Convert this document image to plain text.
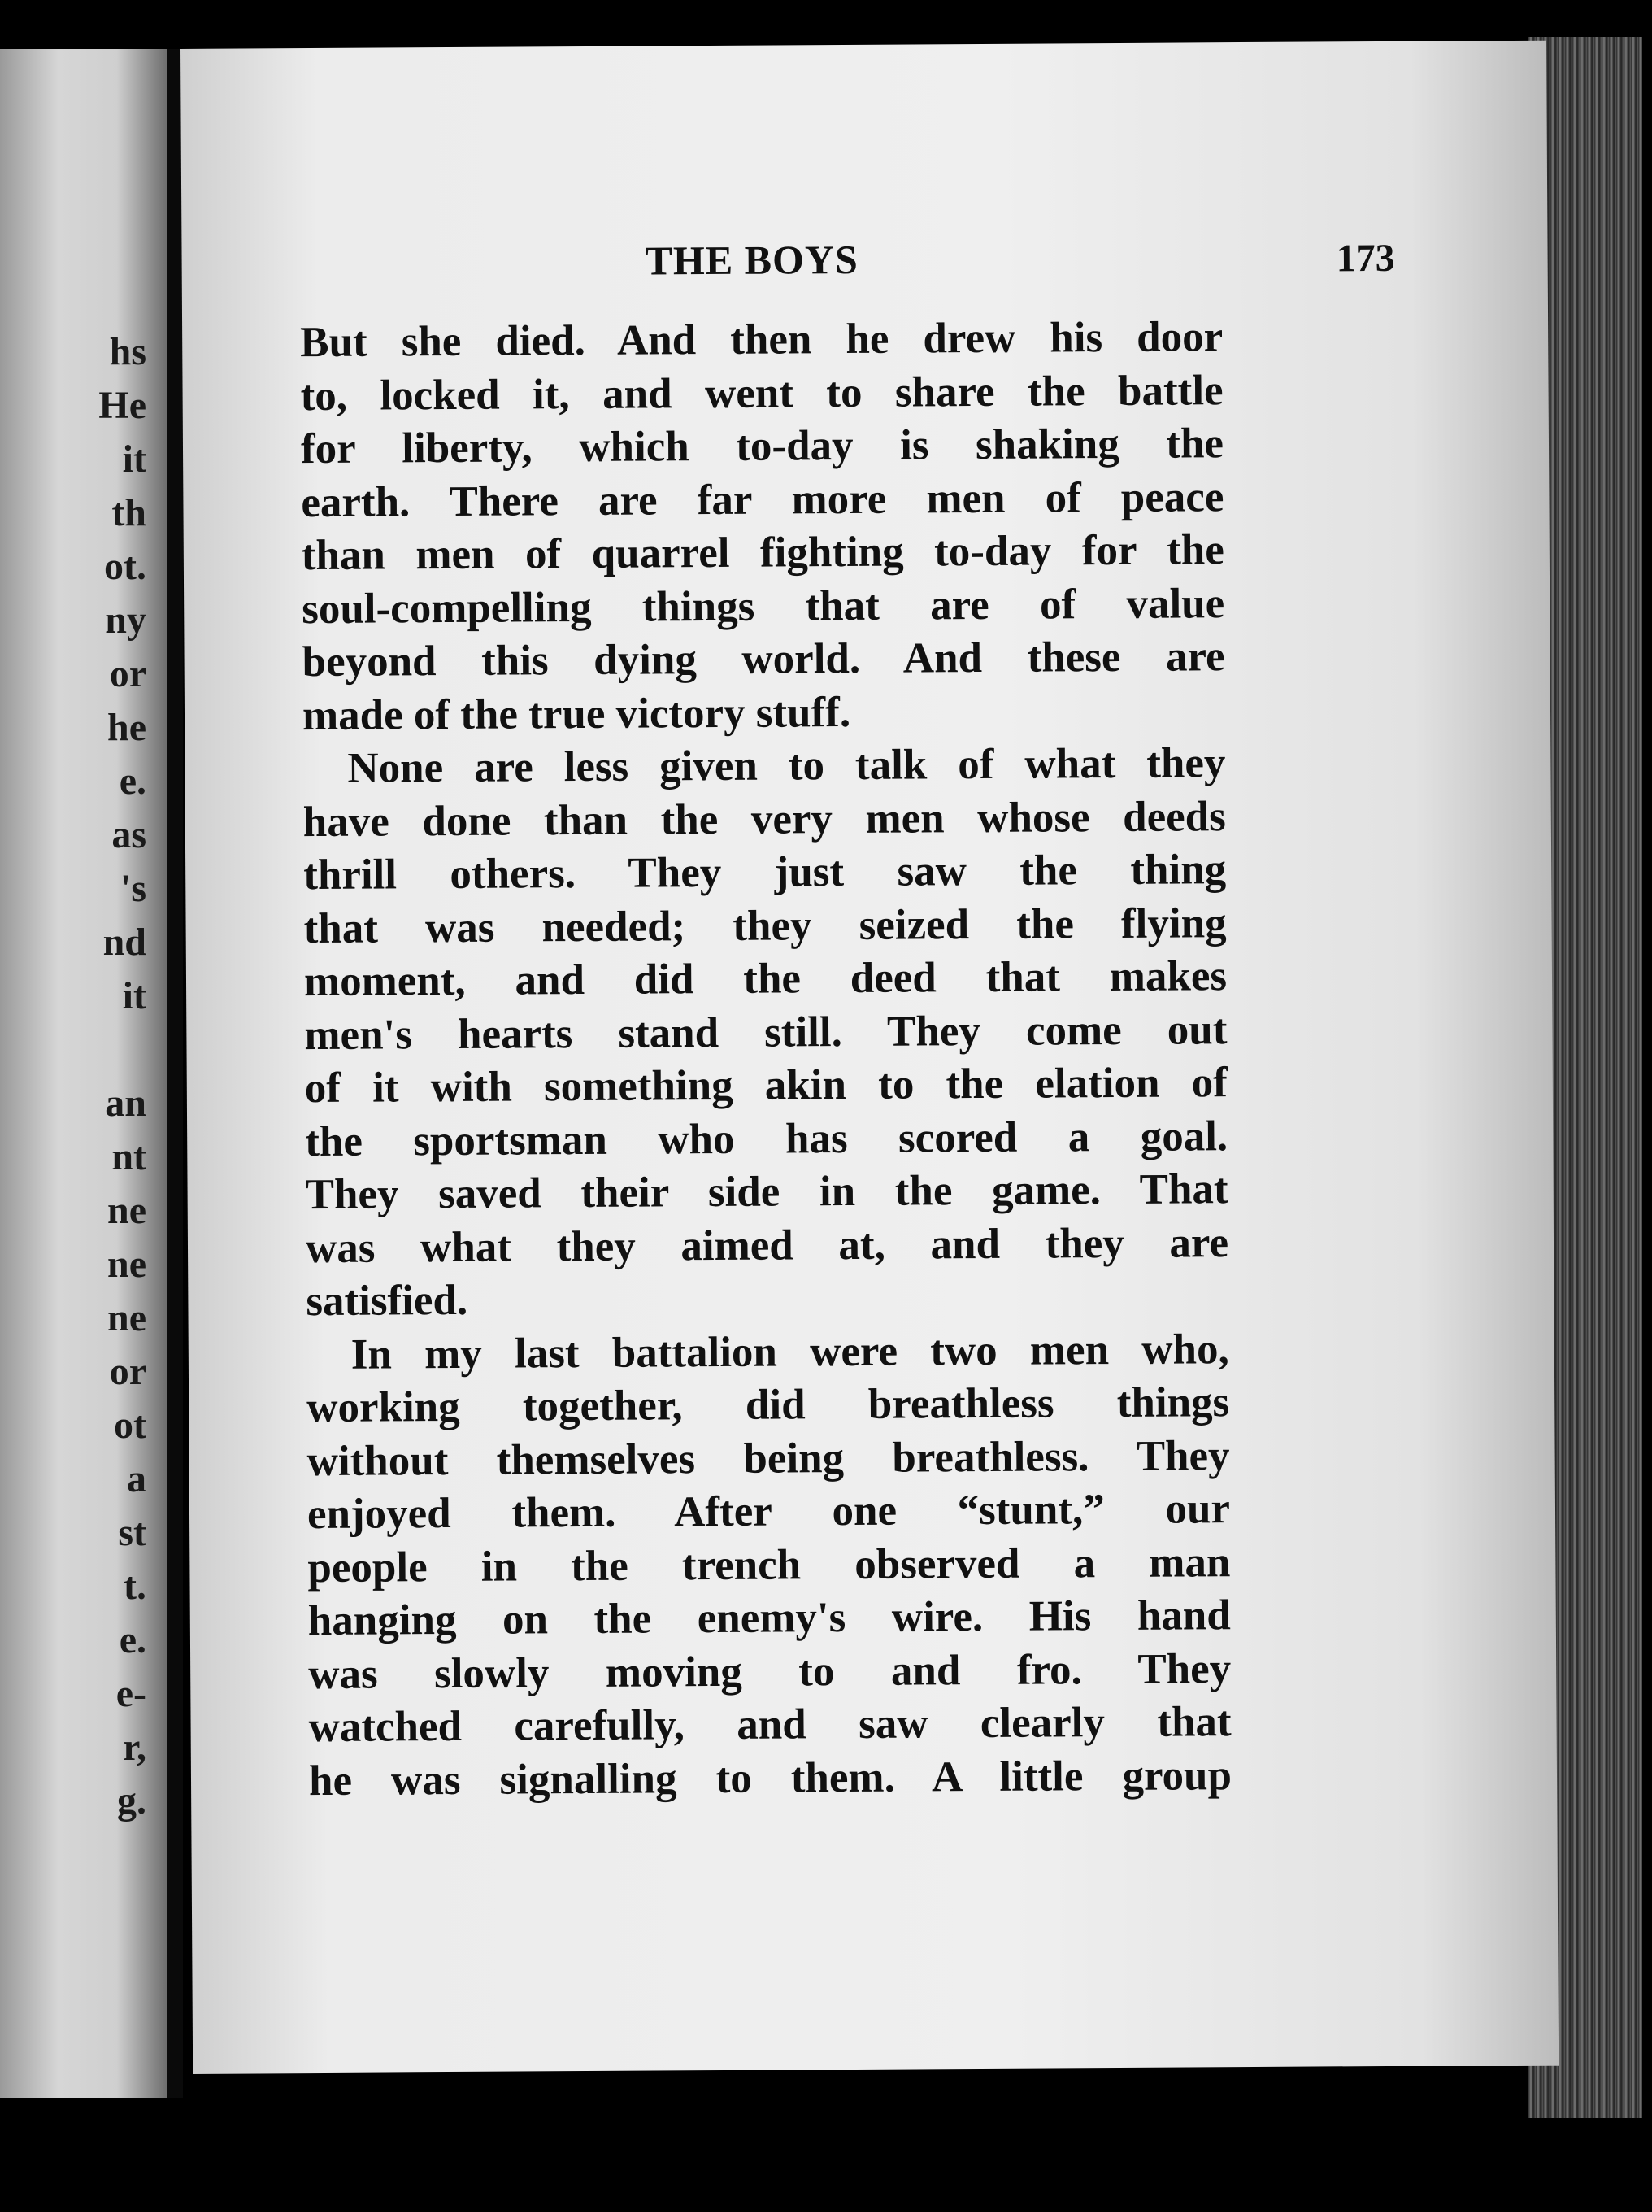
hs
He
it
th
ot.
ny
or
he
e.
as
's
nd
it
an
nt
ne
ne
ne
or
ot
a
st
t.
e.
e-
r,
g.
THE BOYS	173
But she died. And then he drew his door
to, locked it, and went to share the battle
for liberty, which to-day is shaking the
earth. There are far more men of peace
than men of quarrel fighting to-day for the
soul-compelling things that are of value
beyond this dying world. And these are
made of the true victory stuff.
None are less given to talk of what they
have done than the very men whose deeds
thrill others. They just saw the thing
that was needed; they seized the flying
moment, and did the deed that makes
men's hearts stand still. They come out
of it with something akin to the elation of
the sportsman who has scored a goal.
They saved their side in the game. That
was what they aimed at, and they are
satisfied.
In my last battalion were two men who,
working together, did breathless things
without themselves being breathless. They
enjoyed them. After one “stunt,” our
people in the trench observed a man
hanging on the enemy's wire. His hand
was slowly moving to and fro. They
watched carefully, and saw clearly that
he was signalling to them. A little group
